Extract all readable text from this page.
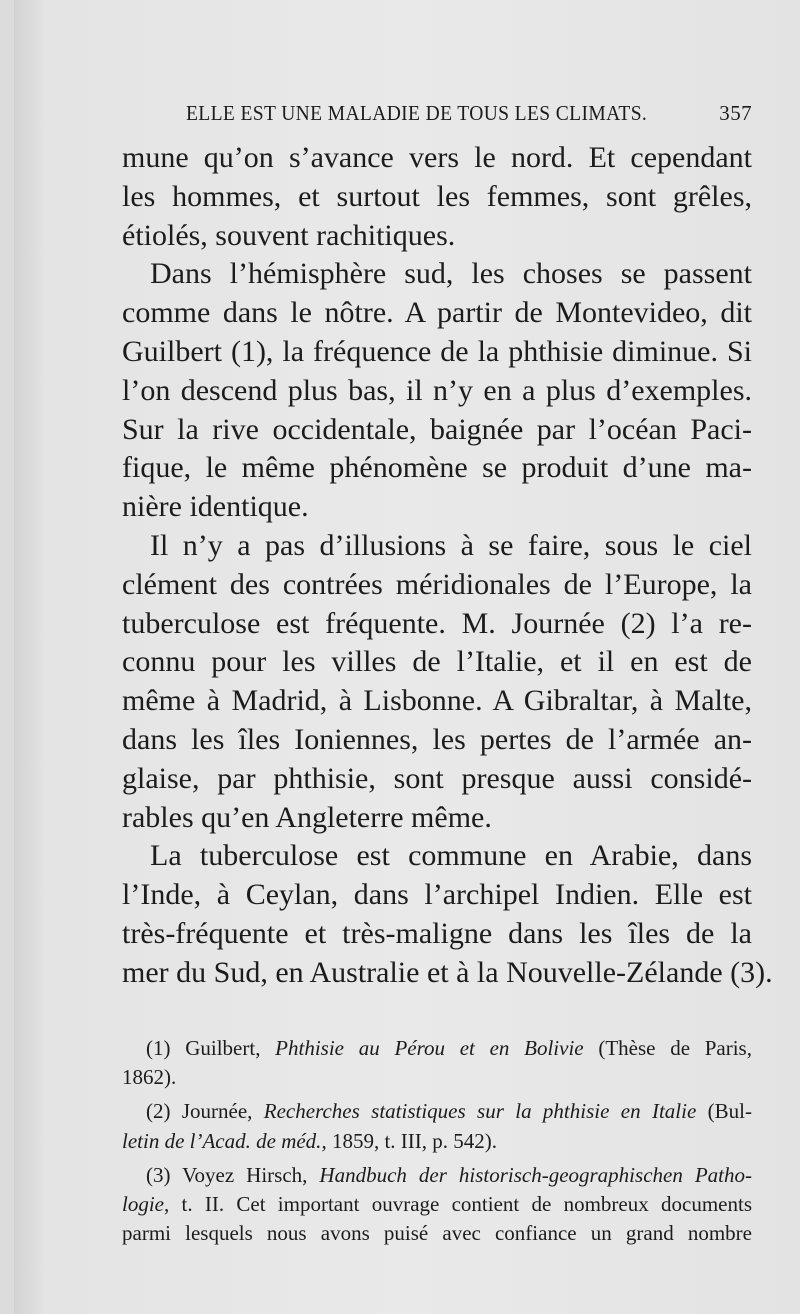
ELLE EST UNE MALADIE DE TOUS LES CLIMATS.	357
mune qu’on s’avance vers le nord. Et cependant
les hommes, et surtout les femmes, sont grêles,
étiolés, souvent rachitiques.
Dans l’hémisphère sud, les choses se passent
comme dans le nôtre. A partir de Montevideo, dit
Guilbert (1), la fréquence de la phthisie diminue. Si
l’on descend plus bas, il n’y en a plus d’exemples.
Sur la rive occidentale, baignée par l’océan Paci-
fique, le même phénomène se produit d’une ma-
nière identique.
Il n’y a pas d’illusions à se faire, sous le ciel
clément des contrées méridionales de l’Europe, la
tuberculose est fréquente. M. Journée (2) l’a re-
connu pour les villes de l’Italie, et il en est de
même à Madrid, à Lisbonne. A Gibraltar, à Malte,
dans les îles Ioniennes, les pertes de l’armée an-
glaise, par phthisie, sont presque aussi considé-
rables qu’en Angleterre même.
La tuberculose est commune en Arabie, dans
l’Inde, à Ceylan, dans l’archipel Indien. Elle est
très-fréquente et très-maligne dans les îles de la
mer du Sud, en Australie et à la Nouvelle-Zélande (3).
(1) Guilbert, Phthisie au Pérou et en Bolivie (Thèse de Paris,
1862).
(2) Journée, Recherches statistiques sur la phthisie en Italie (Bul-
letin de l’Acad. de méd., 1859, t. III, p. 542).
(3) Voyez Hirsch, Handbuch der historisch-geographischen Patho-
logie, t. II. Cet important ouvrage contient de nombreux documents
parmi lesquels nous avons puisé avec confiance un grand nombre
